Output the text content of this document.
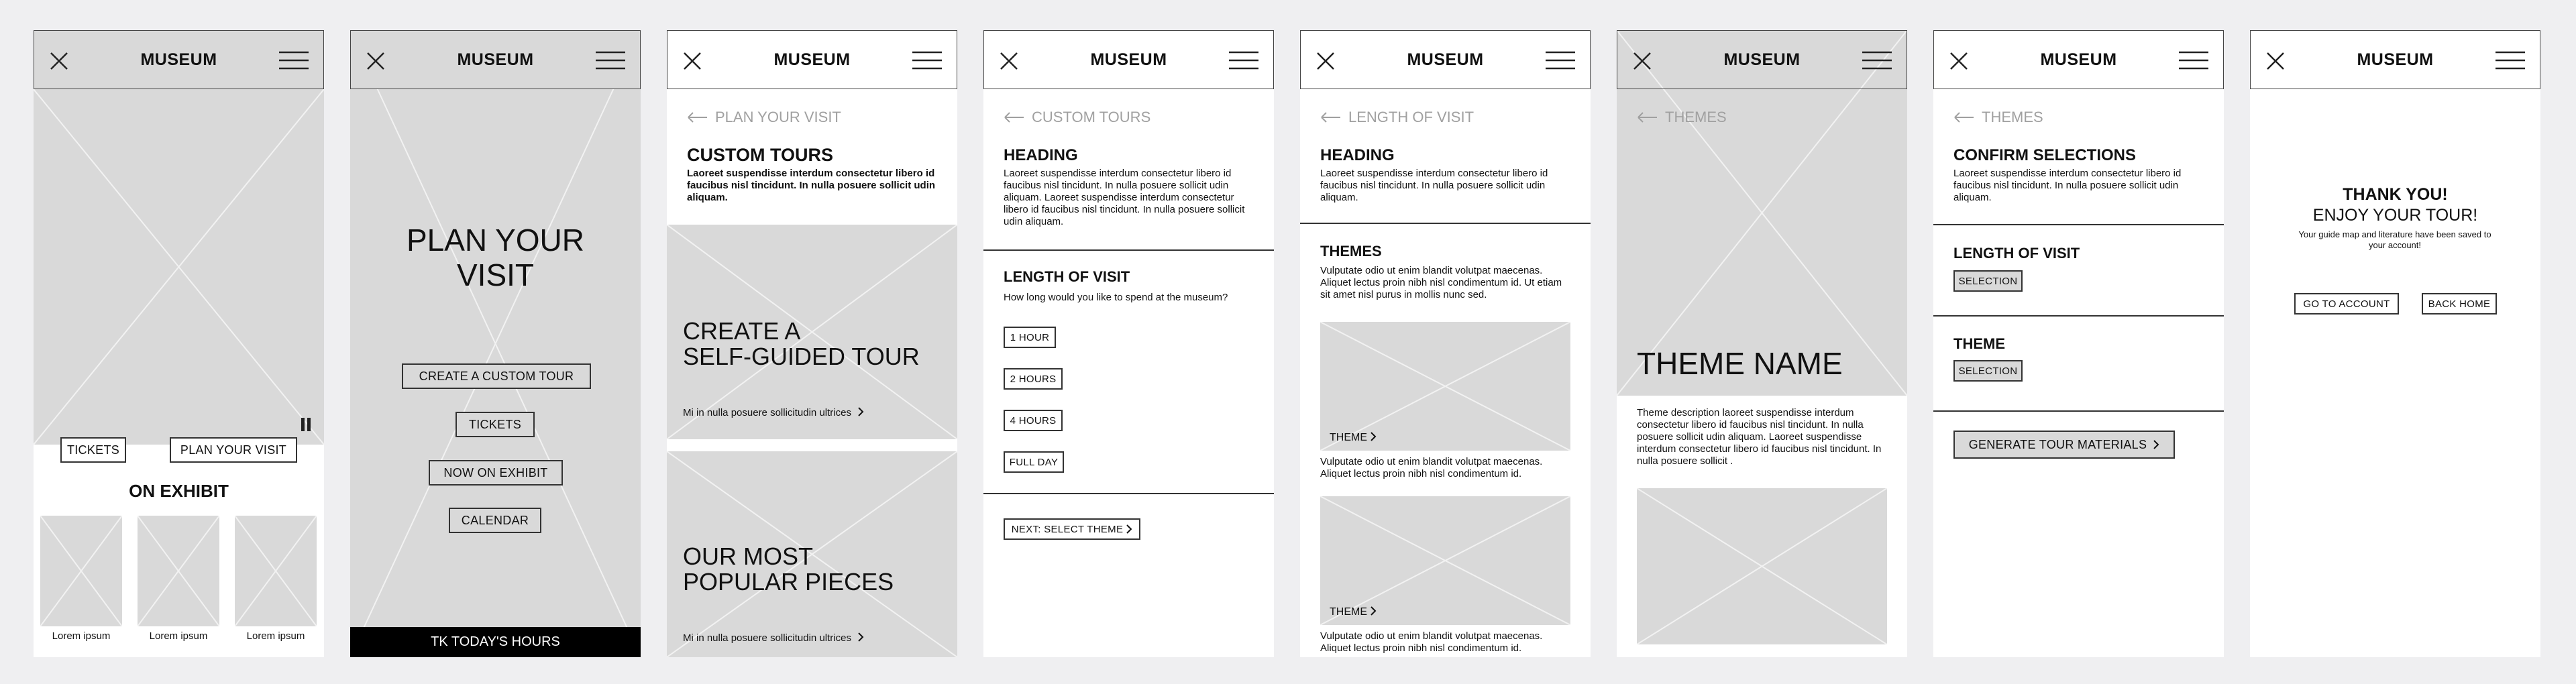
MUSEUM
TICKETS	PLAN YOUR VISIT
ON EXHIBIT
Lorem ipsum	Lorem ipsum	Lorem ipsum
MUSEUM
PLAN YOUR
VISIT
CREATE A CUSTOM TOUR
TICKETS
NOW ON EXHIBIT
CALENDAR
TK TODAY'S HOURS
MUSEUM
PLAN YOUR VISIT
CUSTOM TOURS
Laoreet suspendisse interdum consectetur libero id faucibus nisl tincidunt. In nulla posuere sollicit udin aliquam.
CREATE A
SELF-GUIDED TOUR
Mi in nulla posuere sollicitudin ultrices
OUR MOST
POPULAR PIECES
Mi in nulla posuere sollicitudin ultrices
MUSEUM
CUSTOM TOURS
HEADING
Laoreet suspendisse interdum consectetur libero id faucibus nisl tincidunt. In nulla posuere sollicit udin aliquam. Laoreet suspendisse interdum consectetur libero id faucibus nisl tincidunt. In nulla posuere sollicit udin aliquam.
LENGTH OF VISIT
How long would you like to spend at the museum?
1 HOUR
2 HOURS
4 HOURS
FULL DAY
NEXT: SELECT THEME
MUSEUM
LENGTH OF VISIT
HEADING
Laoreet suspendisse interdum consectetur libero id faucibus nisl tincidunt. In nulla posuere sollicit udin aliquam.
THEMES
Vulputate odio ut enim blandit volutpat maecenas. Aliquet lectus proin nibh nisl condimentum id. Ut etiam sit amet nisl purus in mollis nunc sed.
THEME
Vulputate odio ut enim blandit volutpat maecenas. Aliquet lectus proin nibh nisl condimentum id.
THEME
Vulputate odio ut enim blandit volutpat maecenas. Aliquet lectus proin nibh nisl condimentum id.
MUSEUM
THEMES
THEME NAME
Theme description laoreet suspendisse interdum consectetur libero id faucibus nisl tincidunt. In nulla posuere sollicit udin aliquam. Laoreet suspendisse interdum consectetur libero id faucibus nisl tincidunt. In nulla posuere sollicit .
MUSEUM
THEMES
CONFIRM SELECTIONS
Laoreet suspendisse interdum consectetur libero id faucibus nisl tincidunt. In nulla posuere sollicit udin aliquam.
LENGTH OF VISIT
SELECTION
THEME
SELECTION
GENERATE TOUR MATERIALS
MUSEUM
THANK YOU!
ENJOY YOUR TOUR!
Your guide map and literature have been saved to your account!
GO TO ACCOUNT	BACK HOME
